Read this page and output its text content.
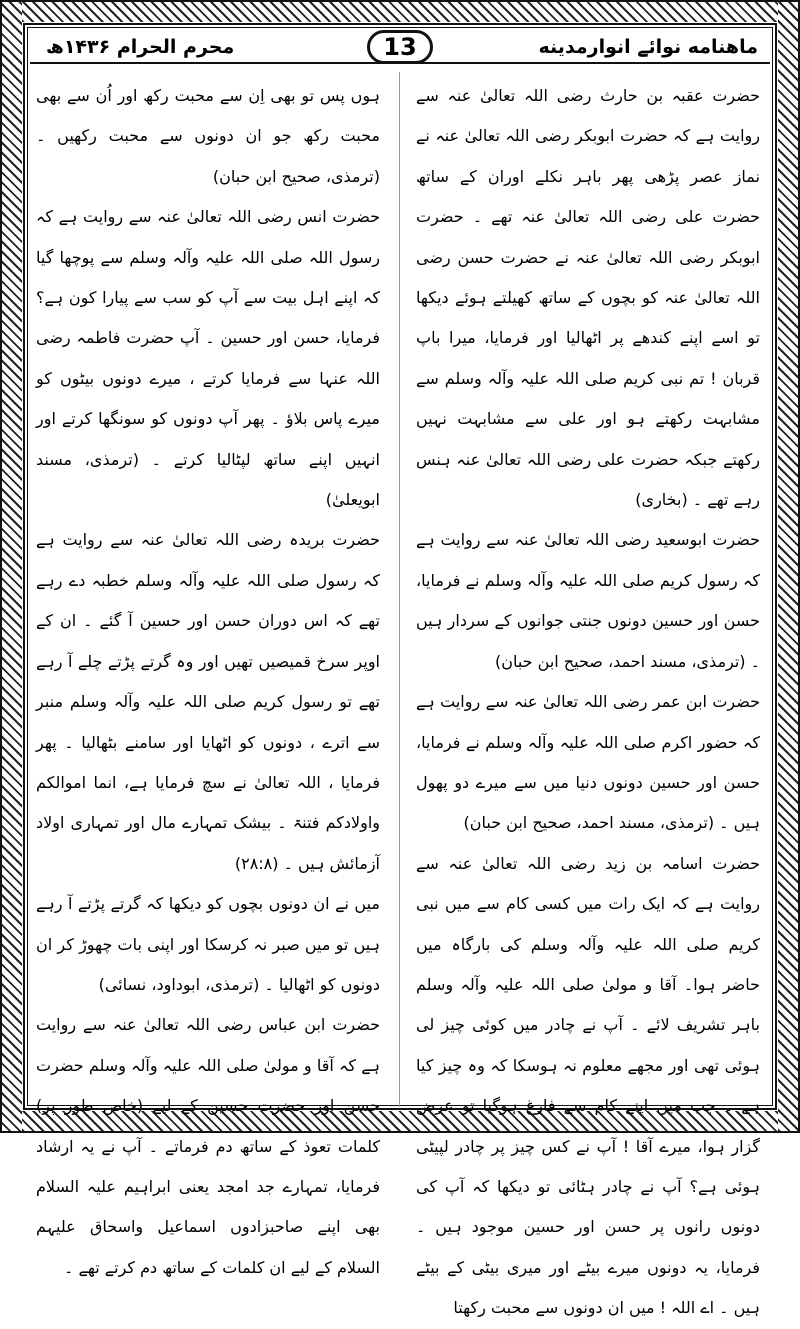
ماهنامه نوائے انوارمدینه
13
محرم الحرام ۱۴۳۶ھ

حضرت عقبہ بن حارث رضی اللہ تعالیٰ عنہ سے روایت ہے کہ حضرت ابوبکر رضی اللہ تعالیٰ عنہ نے نماز عصر پڑھی پھر باہر نکلے اوران کے ساتھ حضرت علی رضی اللہ تعالیٰ عنہ تھے ۔ حضرت ابوبکر رضی اللہ تعالیٰ عنہ نے حضرت حسن رضی اللہ تعالیٰ عنہ کو بچوں کے ساتھ کھیلتے ہوئے دیکھا تو اسے اپنے کندھے پر اٹھالیا اور فرمایا، میرا باپ قربان ! تم نبی کریم صلی اللہ علیہ وآلہ وسلم سے مشابہت رکھتے ہو اور علی سے مشابہت نہیں رکھتے جبکہ حضرت علی رضی اللہ تعالیٰ عنہ ہنس رہے تھے ۔ (بخاری)

حضرت ابوسعید رضی اللہ تعالیٰ عنہ سے روایت ہے کہ رسول کریم صلی اللہ علیہ وآلہ وسلم نے فرمایا، حسن اور حسین دونوں جنتی جوانوں کے سردار ہیں ۔ (ترمذی، مسند احمد، صحیح ابن حبان)

حضرت ابن عمر رضی اللہ تعالیٰ عنہ سے روایت ہے کہ حضور اکرم صلی اللہ علیہ وآلہ وسلم نے فرمایا، حسن اور حسین دونوں دنیا میں سے میرے دو پھول ہیں ۔ (ترمذی، مسند احمد، صحیح ابن حبان)

حضرت اسامہ بن زید رضی اللہ تعالیٰ عنہ سے روایت ہے کہ ایک رات میں کسی کام سے میں نبی کریم صلی اللہ علیہ وآلہ وسلم کی بارگاہ میں حاضر ہوا۔ آقا و مولیٰ صلی اللہ علیہ وآلہ وسلم باہر تشریف لائے ۔ آپ نے چادر میں کوئی چیز لی ہوئی تھی اور مجھے معلوم نہ ہوسکا کہ وہ چیز کیا ہے ۔ جب میں اپنے کام سے فارغ ہوگیا تو عرض گزار ہوا، میرے آقا ! آپ نے کس چیز پر چادر لپیٹی ہوئی ہے؟ آپ نے چادر ہٹائی تو دیکھا کہ آپ کی دونوں رانوں پر حسن اور حسین موجود ہیں ۔ فرمایا، یہ دونوں میرے بیٹے اور میری بیٹی کے بیٹے ہیں ۔ اے اللہ ! میں ان دونوں سے محبت رکھتا

ہوں پس تو بھی اِن سے محبت رکھ اور اُن سے بھی محبت رکھ جو ان دونوں سے محبت رکھیں ۔ (ترمذی، صحیح ابن حبان)

حضرت انس رضی اللہ تعالیٰ عنہ سے روایت ہے کہ رسول اللہ صلی اللہ علیہ وآلہ وسلم سے پوچھا گیا کہ اپنے اہل بیت سے آپ کو سب سے پیارا کون ہے؟ فرمایا، حسن اور حسین ۔ آپ حضرت فاطمہ رضی اللہ عنہا سے فرمایا کرتے ، میرے دونوں بیٹوں کو میرے پاس بلاؤ ۔ پھر آپ دونوں کو سونگھا کرتے اور انہیں اپنے ساتھ لپٹالیا کرتے ۔ (ترمذی، مسند ابویعلیٰ)

حضرت بریدہ رضی اللہ تعالیٰ عنہ سے روایت ہے کہ رسول صلی اللہ علیہ وآلہ وسلم خطبہ دے رہے تھے کہ اس دوران حسن اور حسین آ گئے ۔ ان کے اوپر سرخ قمیصیں تھیں اور وہ گرتے پڑتے چلے آ رہے تھے تو رسول کریم صلی اللہ علیہ وآلہ وسلم منبر سے اترے ، دونوں کو اٹھایا اور سامنے بٹھالیا ۔ پھر فرمایا ، اللہ تعالیٰ نے سچ فرمایا ہے، انما اموالکم واولادکم فتنۃ ۔ بیشک تمہارے مال اور تمہاری اولاد آزمائش ہیں ۔ (۲۸:۸)

میں نے ان دونوں بچوں کو دیکھا کہ گرتے پڑتے آ رہے ہیں تو میں صبر نہ کرسکا اور اپنی بات چھوڑ کر ان دونوں کو اٹھالیا ۔ (ترمذی، ابوداود، نسائی)

حضرت ابن عباس رضی اللہ تعالیٰ عنہ سے روایت ہے کہ آقا و مولیٰ صلی اللہ علیہ وآلہ وسلم حضرت حسن اور حضرت حسین کے لیے (خاص طور پر) کلمات تعوذ کے ساتھ دم فرماتے ۔ آپ نے یہ ارشاد فرمایا، تمہارے جد امجد یعنی ابراہیم علیہ السلام بھی اپنے صاحبزادوں اسماعیل واسحاق علیہم السلام کے لیے ان کلمات کے ساتھ دم کرتے تھے ۔
